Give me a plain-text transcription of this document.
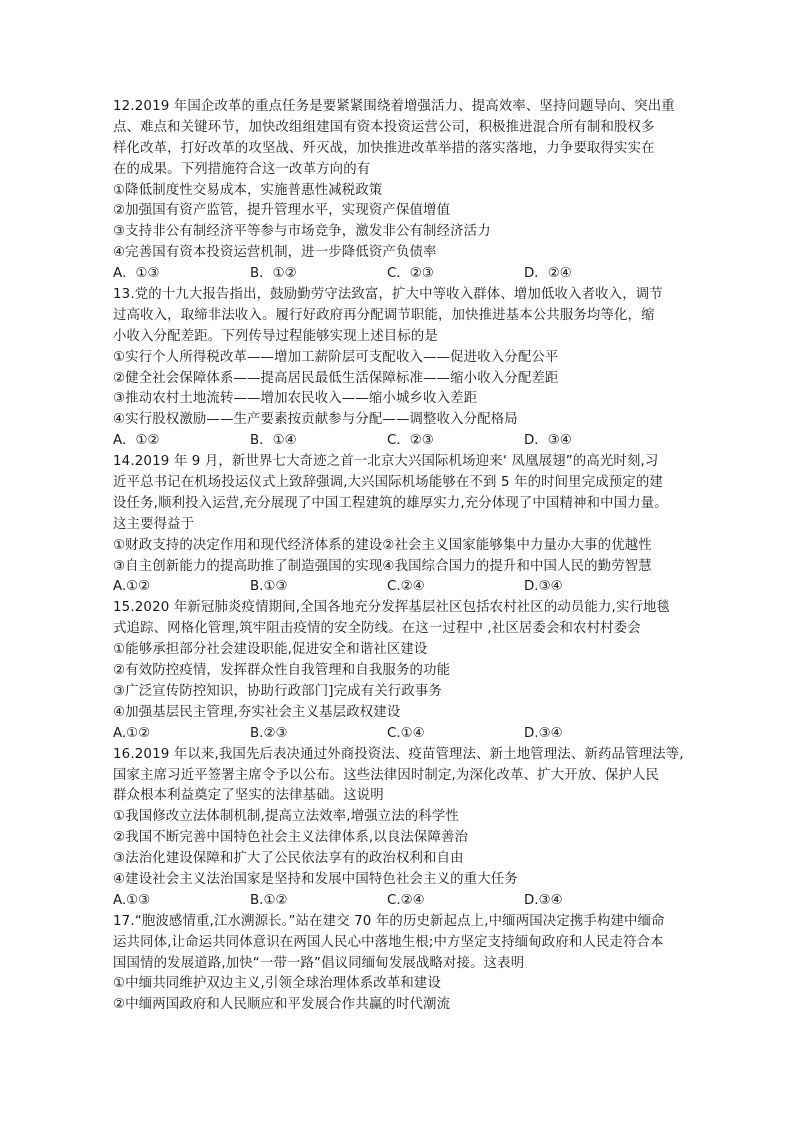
12.2019 年国企改革的重点任务是要紧紧围绕着增强活力、提高效率、坚持问题导向、突出重
点、难点和关键环节，加快改组组建国有资本投资运营公司，积极推进混合所有制和股权多
样化改革，打好改革的攻坚战、歼灭战，加快推进改革举措的落实落地，力争要取得实实在
在的成果。下列措施符合这一改革方向的有
①降低制度性交易成本，实施普惠性减税政策
②加强国有资产监管，提升管理水平，实现资产保值增值
③支持非公有制经济平等参与市场竞争，激发非公有制经济活力
④完善国有资本投资运营机制，进一步降低资产负债率
A．①③	B．①②	C．②③	D．②④
13.党的十九大报告指出，鼓励勤劳守法致富，扩大中等收入群体、增加低收入者收入，调节
过高收入，取缔非法收入。履行好政府再分配调节职能，加快推进基本公共服务均等化，缩
小收入分配差距。下列传导过程能够实现上述目标的是
①实行个人所得税改革——增加工薪阶层可支配收入——促进收入分配公平
②健全社会保障体系——提高居民最低生活保障标准——缩小收入分配差距
③推动农村土地流转——增加农民收入——缩小城乡收入差距
④实行股权激励——生产要素按贡献参与分配——调整收入分配格局
A．①②	B．①④	C．②③	D．③④
14.2019 年 9 月，新世界七大奇迹之首一北京大兴国际机场迎来‘ 凤凰展翅”的高光时刻,习
近平总书记在机场投运仪式上致辞强调,大兴国际机场能够在不到 5 年的时间里完成预定的建
设任务,顺利投入运营,充分展现了中国工程建筑的雄厚实力,充分体现了中国精神和中国力量。
这主要得益于
①财政支持的决定作用和现代经济体系的建设②社会主义国家能够集中力量办大事的优越性
③自主创新能力的提高助推了制造强国的实现④我国综合国力的提升和中国人民的勤劳智慧
A.①②	B.①③	C.②④	D.③④
15.2020 年新冠肺炎疫情期间,全国各地充分发挥基层社区包括农村社区的动员能力,实行地毯
式追踪、网格化管理,筑牢阻击疫情的安全防线。在这一过程中 ,社区居委会和农村村委会
①能够承担部分社会建设职能,促进安全和谐社区建设
②有效防控疫情，发挥群众性自我管理和自我服务的功能
③广泛宣传防控知识，协助行政部门]完成有关行政事务
④加强基层民主管理,夯实社会主义基层政权建设
A.①②	B.②③	C.①④	D.③④
16.2019 年以来,我国先后表决通过外商投资法、疫苗管理法、新土地管理法、新药品管理法等,
国家主席习近平签署主席令予以公布。这些法律因时制定,为深化改革、扩大开放、保护人民
群众根本利益奠定了坚实的法律基础。这说明
①我国修改立法体制机制,提高立法效率,增强立法的科学性
②我国不断完善中国特色社会主义法律体系,以良法保障善治
③法治化建设保障和扩大了公民依法享有的政治权利和自由
④建设社会主义法治国家是坚持和发展中国特色社会主义的重大任务
A.①③	B.①②	C.②④	D.③④
17.“胞波感情重,江水溯源长。”站在建交 70 年的历史新起点上,中缅两国决定携手构建中缅命
运共同体,让命运共同体意识在两国人民心中落地生根;中方坚定支持缅甸政府和人民走符合本
国国情的发展道路,加快“一带一路”倡议同缅甸发展战略对接。这表明
①中缅共同维护双边主义,引领全球治理体系改革和建设
②中缅两国政府和人民顺应和平发展合作共赢的时代潮流
